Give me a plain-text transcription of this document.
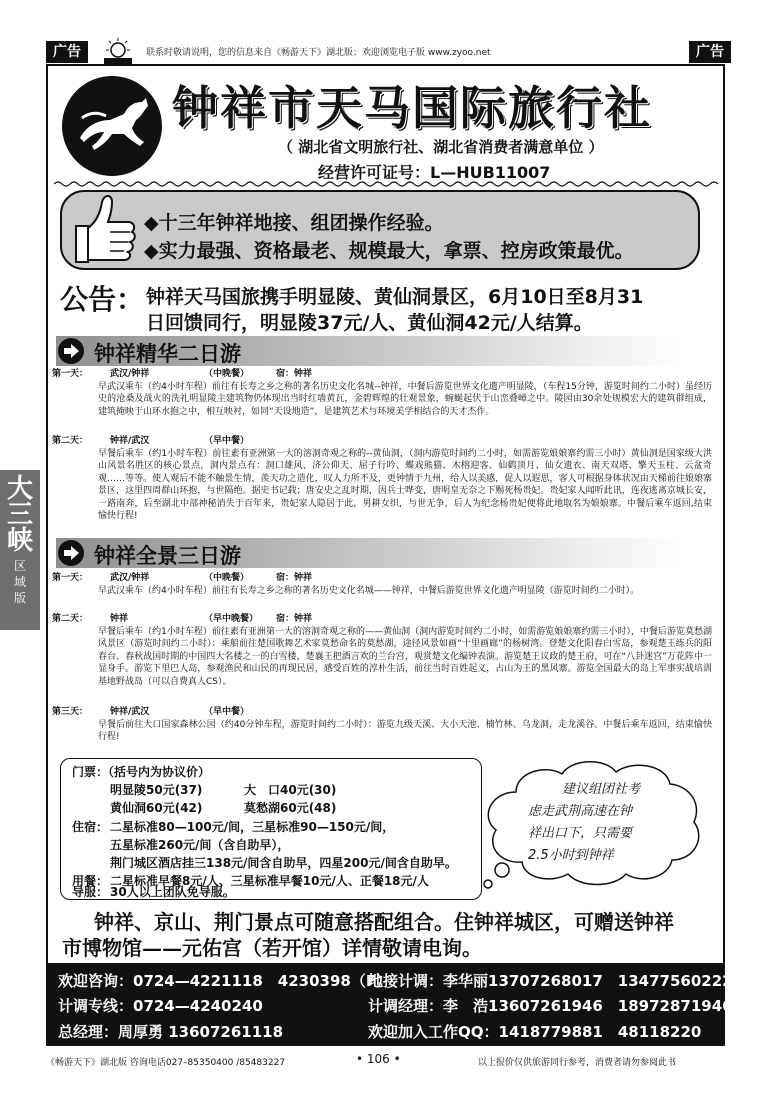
广告	联系时敬请说明，您的信息来自《畅游天下》湖北版；欢迎浏览电子版 www.zyoo.net	广告
钟祥市天马国际旅行社
（ 湖北省文明旅行社、湖北省消费者满意单位 ）
经营许可证号：L—HUB11007
◆十三年钟祥地接、组团操作经验。
◆实力最强、资格最老、规模最大，拿票、控房政策最优。
公告： 钟祥天马国旅携手明显陵、黄仙洞景区，6月10日至8月31
日回馈同行，明显陵37元/人、黄仙洞42元/人结算。
钟祥精华二日游
第一天： 武汉/钟祥	（中晚餐）	宿：钟祥
早武汉乘车（约4小时车程）前往有长寿之乡之称的著名历史文化名城--钟祥，中餐后游览世界文化遗产明显陵，（车程15分钟，游览时间约二小时）虽经历史的沧桑及战火的洗礼明显陵主建筑物仍体现出当时红墙黄瓦，金碧辉煌的壮观景象，蜿蜒起伏于山峦叠嶂之中。陵园由30余处规模宏大的建筑群组成，建筑掩映于山环水抱之中，相互映衬，如同“天设地造”，是建筑艺术与环境美学相结合的天才杰作。
第二天： 钟祥/武汉	（早中餐）
早餐后乘车（约1小时车程）前往素有亚洲第一大的溶洞奇观之称的--黄仙洞，（洞内游览时间约二小时，如需游览娘娘寨约需三小时）黄仙洞是国家级大洪山风景名胜区的核心景点，洞内景点有：洞口雄风、济公仰天、屈子行吟、蝶戏熊猫、木榕迎客、仙鹤顶月、仙女遗衣、南天双塔、擎天玉柱、云盆奇观……等等。使人观后不能不触景生情，羡天功之造化，叹人力所不及，更钟情于九州，给人以美感，促人以遐思，客人可根据身体状况由天梯前往娘娘寨景区，这里四周群山环抱，与世隔绝。据史书记载；唐安史之乱时期，因兵士哗变，唐明皇无奈之下赐死杨贵妃。贵妃家人闻听此讯，连夜逃离京城长安，一路南奔，后至湖北中部神秘消失于百年来，贵妃家人隐居于此，男耕女织，与世无争，后人为纪念杨贵妃便将此地取名为娘娘寨。中餐后乘车返回,结束愉快行程!
大三峡
区域版
钟祥全景三日游
第一天： 武汉/钟祥	（中晚餐）	宿：钟祥
早武汉乘车（约4小时车程）前往有长寿之乡之称的著名历史文化名城——钟祥，中餐后游览世界文化遗产明显陵（游览时间约二小时）。
第二天： 钟祥	（早中晚餐） 宿：钟祥
早餐后乘车（约1小时车程）前往素有亚洲第一大的溶洞奇观之称的——黄仙洞（洞内游览时间约二小时，如需游览娘娘寨约需三小时），中餐后游览莫愁湖风景区（游览时间约二小时）：乘船前往楚国歌舞艺术家莫愁命名的莫愁湖，途径风景如画“十里画廊”的杨树湾。登楚文化阳春白雪岛，参观楚王练兵的阳春台、春秋战国时期的中国四大名楼之一的白雪楼，楚襄王把酒言欢的兰台宫，观赏楚文化编钟表演。游览楚王议政的楚王府，可在“八卦迷宫”万花阵中一显身手。游览下里巴人岛，参观渔民和山民的再现民居，感受百姓的淳朴生活，前往当时百姓起义，占山为王的黑风寨。游览全国最大的岛上军事实战培训基地野战岛（可以自费真人CS）。
第三天： 钟祥/武汉	（早中餐）
早餐后前往大口国家森林公园（约40分钟车程，游览时间约二小时）：游览九级天溪、大小天池、楠竹林、乌龙洞，走龙溪谷。中餐后乘车返回，结束愉快行程!
门票：（括号内为协议价）
明显陵50元(37)	大　口40元(30)
黄仙洞60元(42)	莫愁湖60元(48)
住宿： 二星标准80—100元/间，三星标准90—150元/间，
五星标准260元/间（含自助早），
荆门城区酒店挂三138元/间含自助早，四星200元/间含自助早。
用餐： 二星标准早餐8元/人、三星标准早餐10元/人、正餐18元/人
建议组团社考
虑走武荆高速在钟
祥出口下，只需要
2.5小时到钟祥
钟祥、京山、荆门景点可随意搭配组合。住钟祥城区，可赠送钟祥
市博物馆——元佑宫（若开馆）详情敬请电询。
欢迎咨询：0724—4221118　4230398（F）
地接计调：李华丽13707268017　13477560222
计调专线：0724—4240240	计调经理：李　浩13607261946　18972871946
总经理：周厚勇 13607261118	欢迎加入工作QQ：1418779881　48118220
《畅游天下》湖北版 咨询电话027–85350400 /85483227	• 106 •	以上报价仅供旅游同行参考，消费者请勿参阅此书
导服： 30人以上团队免导服。
